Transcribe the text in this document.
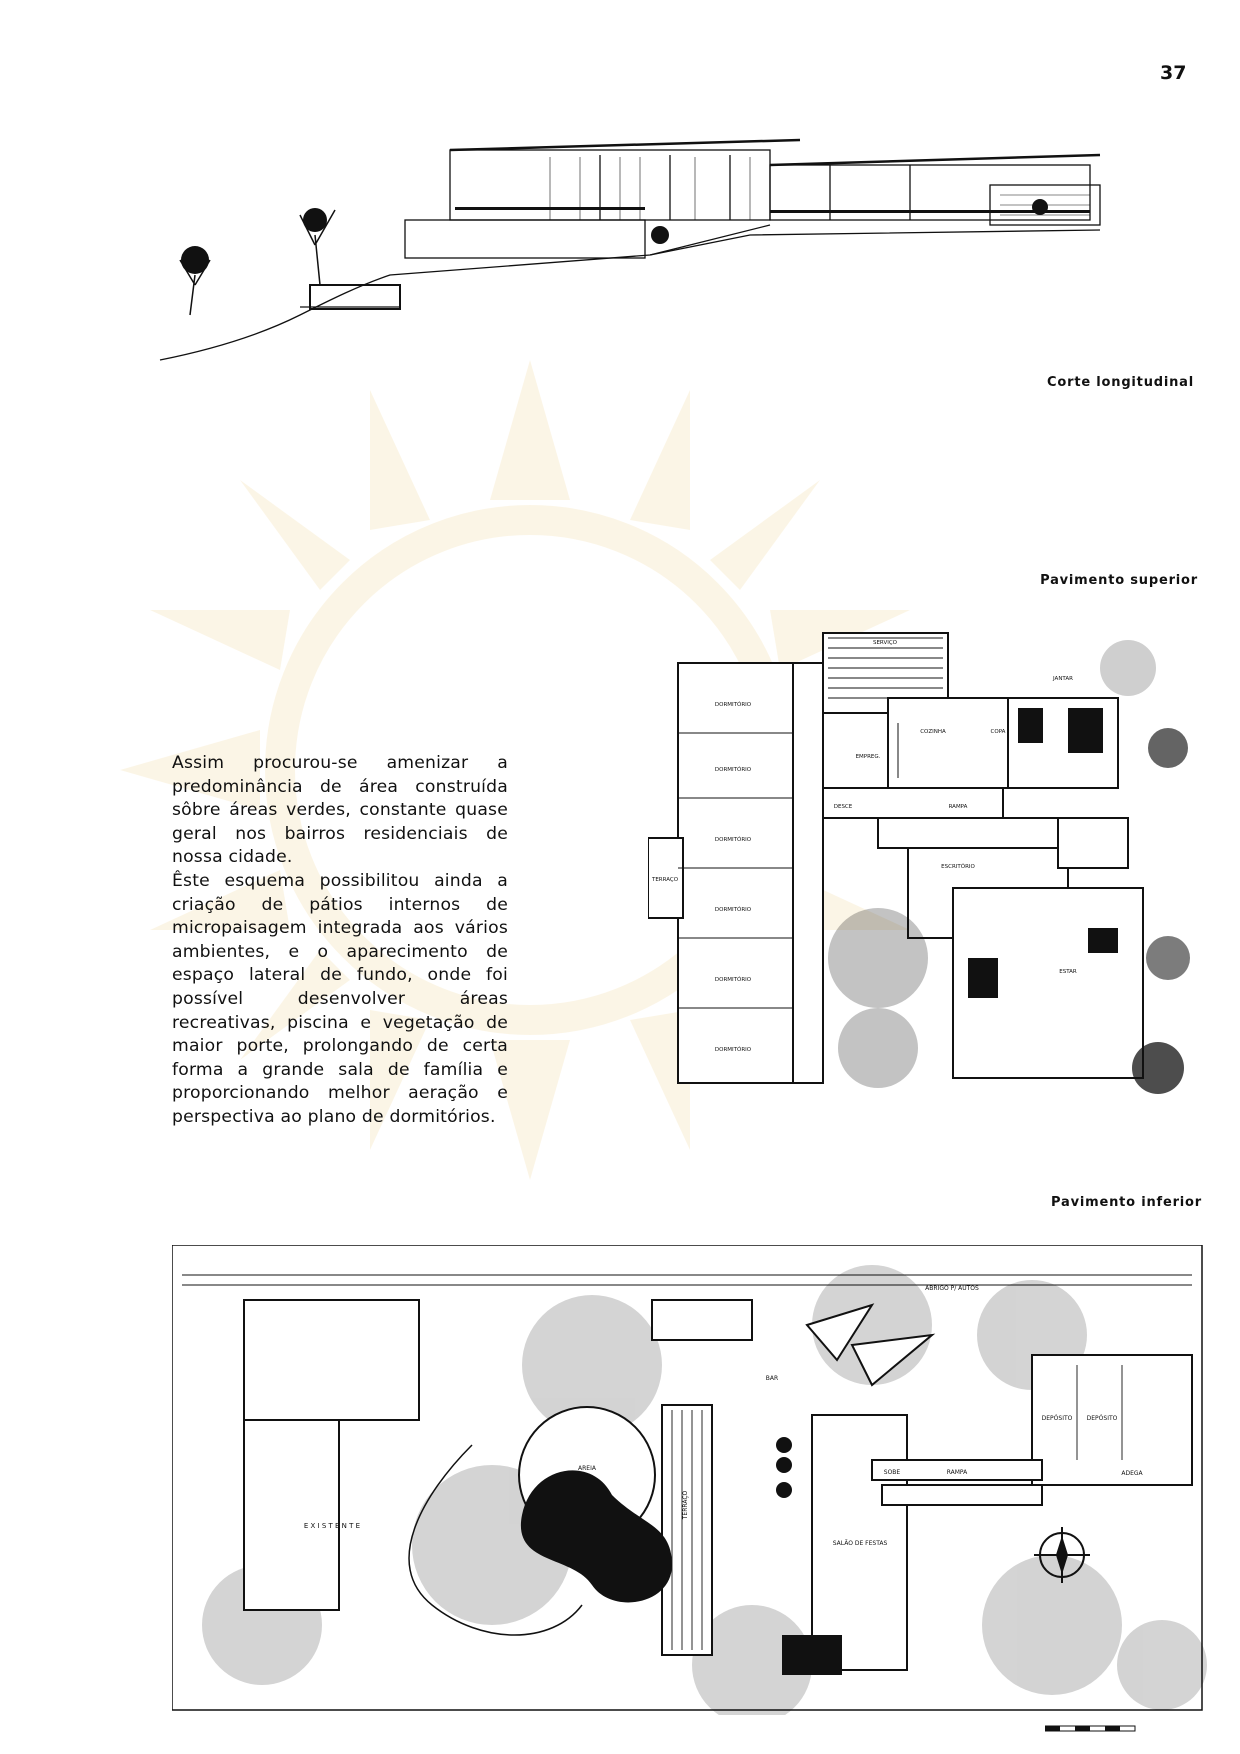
37
Corte longitudinal
Pavimento superior
DORMITÓRIO
DORMITÓRIO
DORMITÓRIO
DORMITÓRIO
DORMITÓRIO
DORMITÓRIO
SERVIÇO
JANTAR
COPA
COZINHA
EMPREG.
RAMPA
DESCE
TERRAÇO
ESCRITÓRIO
ESTAR

Assim procurou-se amenizar a predominância de área construída sôbre áreas verdes, constante quase geral nos bairros residenciais de nossa cidade.

Êste esquema possibilitou ainda a criação de pátios internos de micropaisagem integrada aos vários ambientes, e o aparecimento de espaço lateral de fundo, onde foi possível desenvolver áreas recreativas, piscina e vegetação de maior porte, prolongando de certa forma a grande sala de família e proporcionando melhor aeração e perspectiva ao plano de dormitórios.

Pavimento inferior
E X I S T E N T E
AREIA
TERRAÇO
SALÃO DE FESTAS
RAMPA
SOBE
DEPÓSITO DEPÓSITO
ADEGA
ABRIGO P/ AUTOS
BAR
